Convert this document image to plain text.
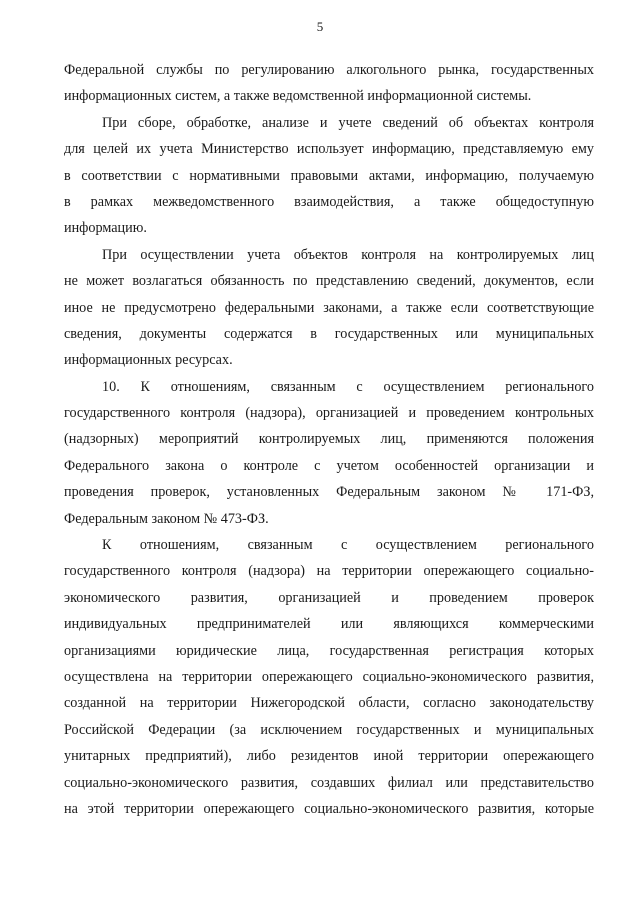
5
Федеральной службы по регулированию алкогольного рынка, государственных
информационных систем, а также ведомственной информационной системы.
При сборе, обработке, анализе и учете сведений об объектах контроля
для целей их учета Министерство использует информацию, представляемую ему
в соответствии с нормативными правовыми актами, информацию, получаемую
в рамках межведомственного взаимодействия, а также общедоступную
информацию.
При осуществлении учета объектов контроля на контролируемых лиц
не может возлагаться обязанность по представлению сведений, документов, если
иное не предусмотрено федеральными законами, а также если соответствующие
сведения, документы содержатся в государственных или муниципальных
информационных ресурсах.
10. К отношениям, связанным с осуществлением регионального
государственного контроля (надзора), организацией и проведением контрольных
(надзорных) мероприятий контролируемых лиц, применяются положения
Федерального закона о контроле с учетом особенностей организации и
проведения проверок, установленных Федеральным законом № 171-ФЗ,
Федеральным законом № 473-ФЗ.
К отношениям, связанным с осуществлением регионального
государственного контроля (надзора) на территории опережающего социально-
экономического развития, организацией и проведением проверок
индивидуальных предпринимателей или являющихся коммерческими
организациями юридические лица, государственная регистрация которых
осуществлена на территории опережающего социально-экономического развития,
созданной на территории Нижегородской области, согласно законодательству
Российской Федерации (за исключением государственных и муниципальных
унитарных предприятий), либо резидентов иной территории опережающего
социально-экономического развития, создавших филиал или представительство
на этой территории опережающего социально-экономического развития, которые
